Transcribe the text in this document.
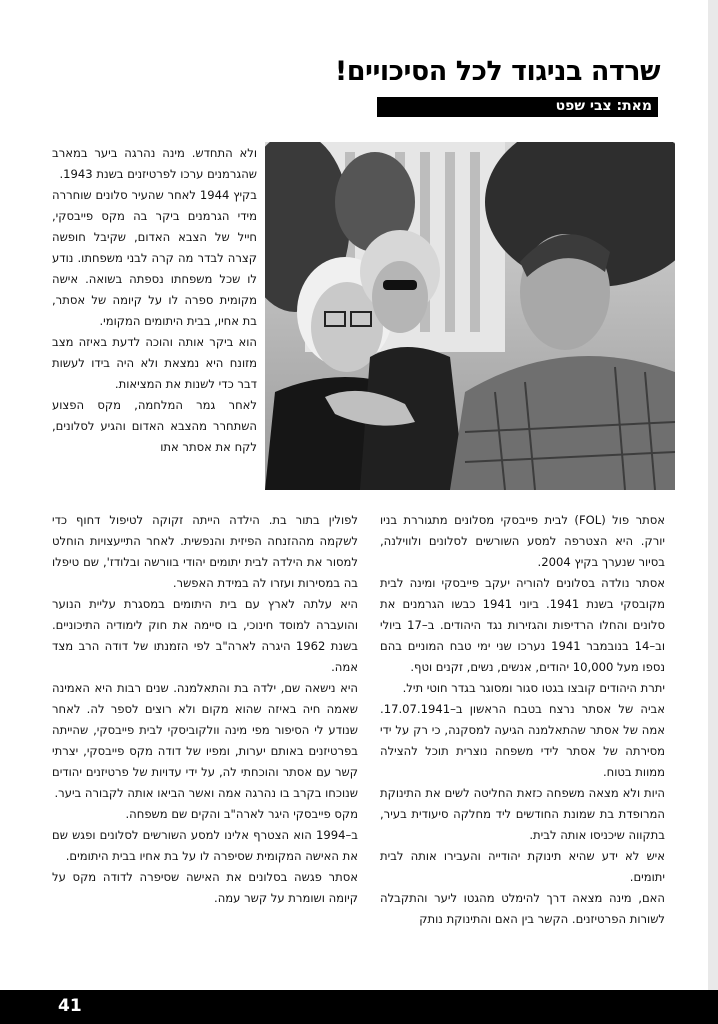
שרדה בניגוד לכל הסיכויים!
מאת: צבי שפט

ולא התחדש. מינה נהרגה ביער במארב שהגרמנים ערכו לפרטיזנים בשנת 1943.

בקיץ 1944 לאחר שהעיר סלונים שוחררה מידי הגרמנים ביקר בה מקס פייבסקי, חייל של הצבא האדום, שקיבל חופשה קצרה לבדר מה קרה לבני משפחתו. נודע לו שכל משפחתו נספתה בשואה. אישה מקומית ספרה לו על קיומה של אסתר, בת אחיו, בבית היתומים המקומי.

הוא ביקר אותה והוכה לדעת באיזה מצב מזונח היא נמצאת ולא היה בידו לעשות דבר כדי לשנות את המציאות.

לאחר גמר המלחמה, מקס הפצוע השתחרר מהצבא האדום והגיע לסלונים, לקח את אסתר אתו

לפולין בתור בת. הילדה הייתה זקוקה לטיפול דחוף כדי לשקמה מההזנחה הפיזית והנפשית. לאחר התייעצויות הוחלט למסור את הילדה לבית יתומים יהודי בוורשה ובלודז', שם טיפלו בה במסירות ועזרו לה במידת האפשר.

היא עלתה לארץ עם בית היתומים במסגרת עליית הנוער והועברה למוסד חינוכי, בו סיימה את חוק לימודיה התיכוניים. בשנת 1962 היגרה לארה"ב לפי הזמנתו של דודה הרב מצד אמה.

היא נישאה שם, ילדה בת והתאלמנה. שנים רבות היא האמינה שאמה חיה באיזה שהוא מקום ולא רוצים לספר לה. לאחר שנודע לי הסיפור מפי מינה וולקוביסקי לבית פייבסקי, שהייתה בפרטיזנים באותם יערות, ומפיו של דודה מקס פייבסקי, יצרתי קשר עם אסתר והוכחתי לה, על ידי עדויות של פרטיזנים יהודים שנוכחו בקרב בו נהרגה אמה ואשר הביאו אותה לקבורה ביער.

מקס פייבסקי היגר לארה"ב והקים שם משפחה.

ב–1994 הוא הצטרף אלינו למסע השורשים לסלונים ופגש שם את האישה המקומית שסיפרה לו על בת אחיו בבית היתומים.

אסתר פגשה בסלונים את האישה שסיפרה לדודה מקס על קיומה ושומרת על קשר עמה.

אסתר פול (FOL) לבית פייבסקי מסלונים מתגוררת בניו יורק. היא הצטרפה למסע השורשים לסלונים ולווילנה, בסיור שנערך בקיץ 2004.

אסתר נולדה בסלונים להוריה יעקב פייבסקי ומינה לבית מקובסקי בשנת 1941. ביוני 1941 כבשו הגרמנים את סלונים והחלו הרדיפות והגזירות נגד היהודים. ב–17 ביולי וב–14 בנובמבר 1941 נערכו שני ימי טבח המוניים בהם נספו מעל 10,000 יהודים, אנשים, נשים, זקנים וטף.

יתרת היהודים קובצו בגטו סגור ומסוגר בגדר חוטי תיל.

אביה של אסתר נרצח בטבח הראשון ב–17.07.1941. אמה של אסתר שהתאלמנה הגיעה למסקנה, כי רק על ידי מסירתה של אסתר לידי משפחה נוצרית תוכל להצילה ממוות בטוח.

היות ולא מצאה משפחה כזאת החליטה לשים את התינוקת המרופדת בת שמונת החודשים ליד מחלקה סיעודית בעיר, בתקווה שיכניסו אותה לבית.

איש לא ידע שהיא תינוקת יהודייה והעבירו אותה לבית יתומים.

האם, מינה מצאה דרך להימלט מהגטו ליער והתקבלה לשורות הפרטיזנים. הקשר בין האם והתינוקת נותק

41
